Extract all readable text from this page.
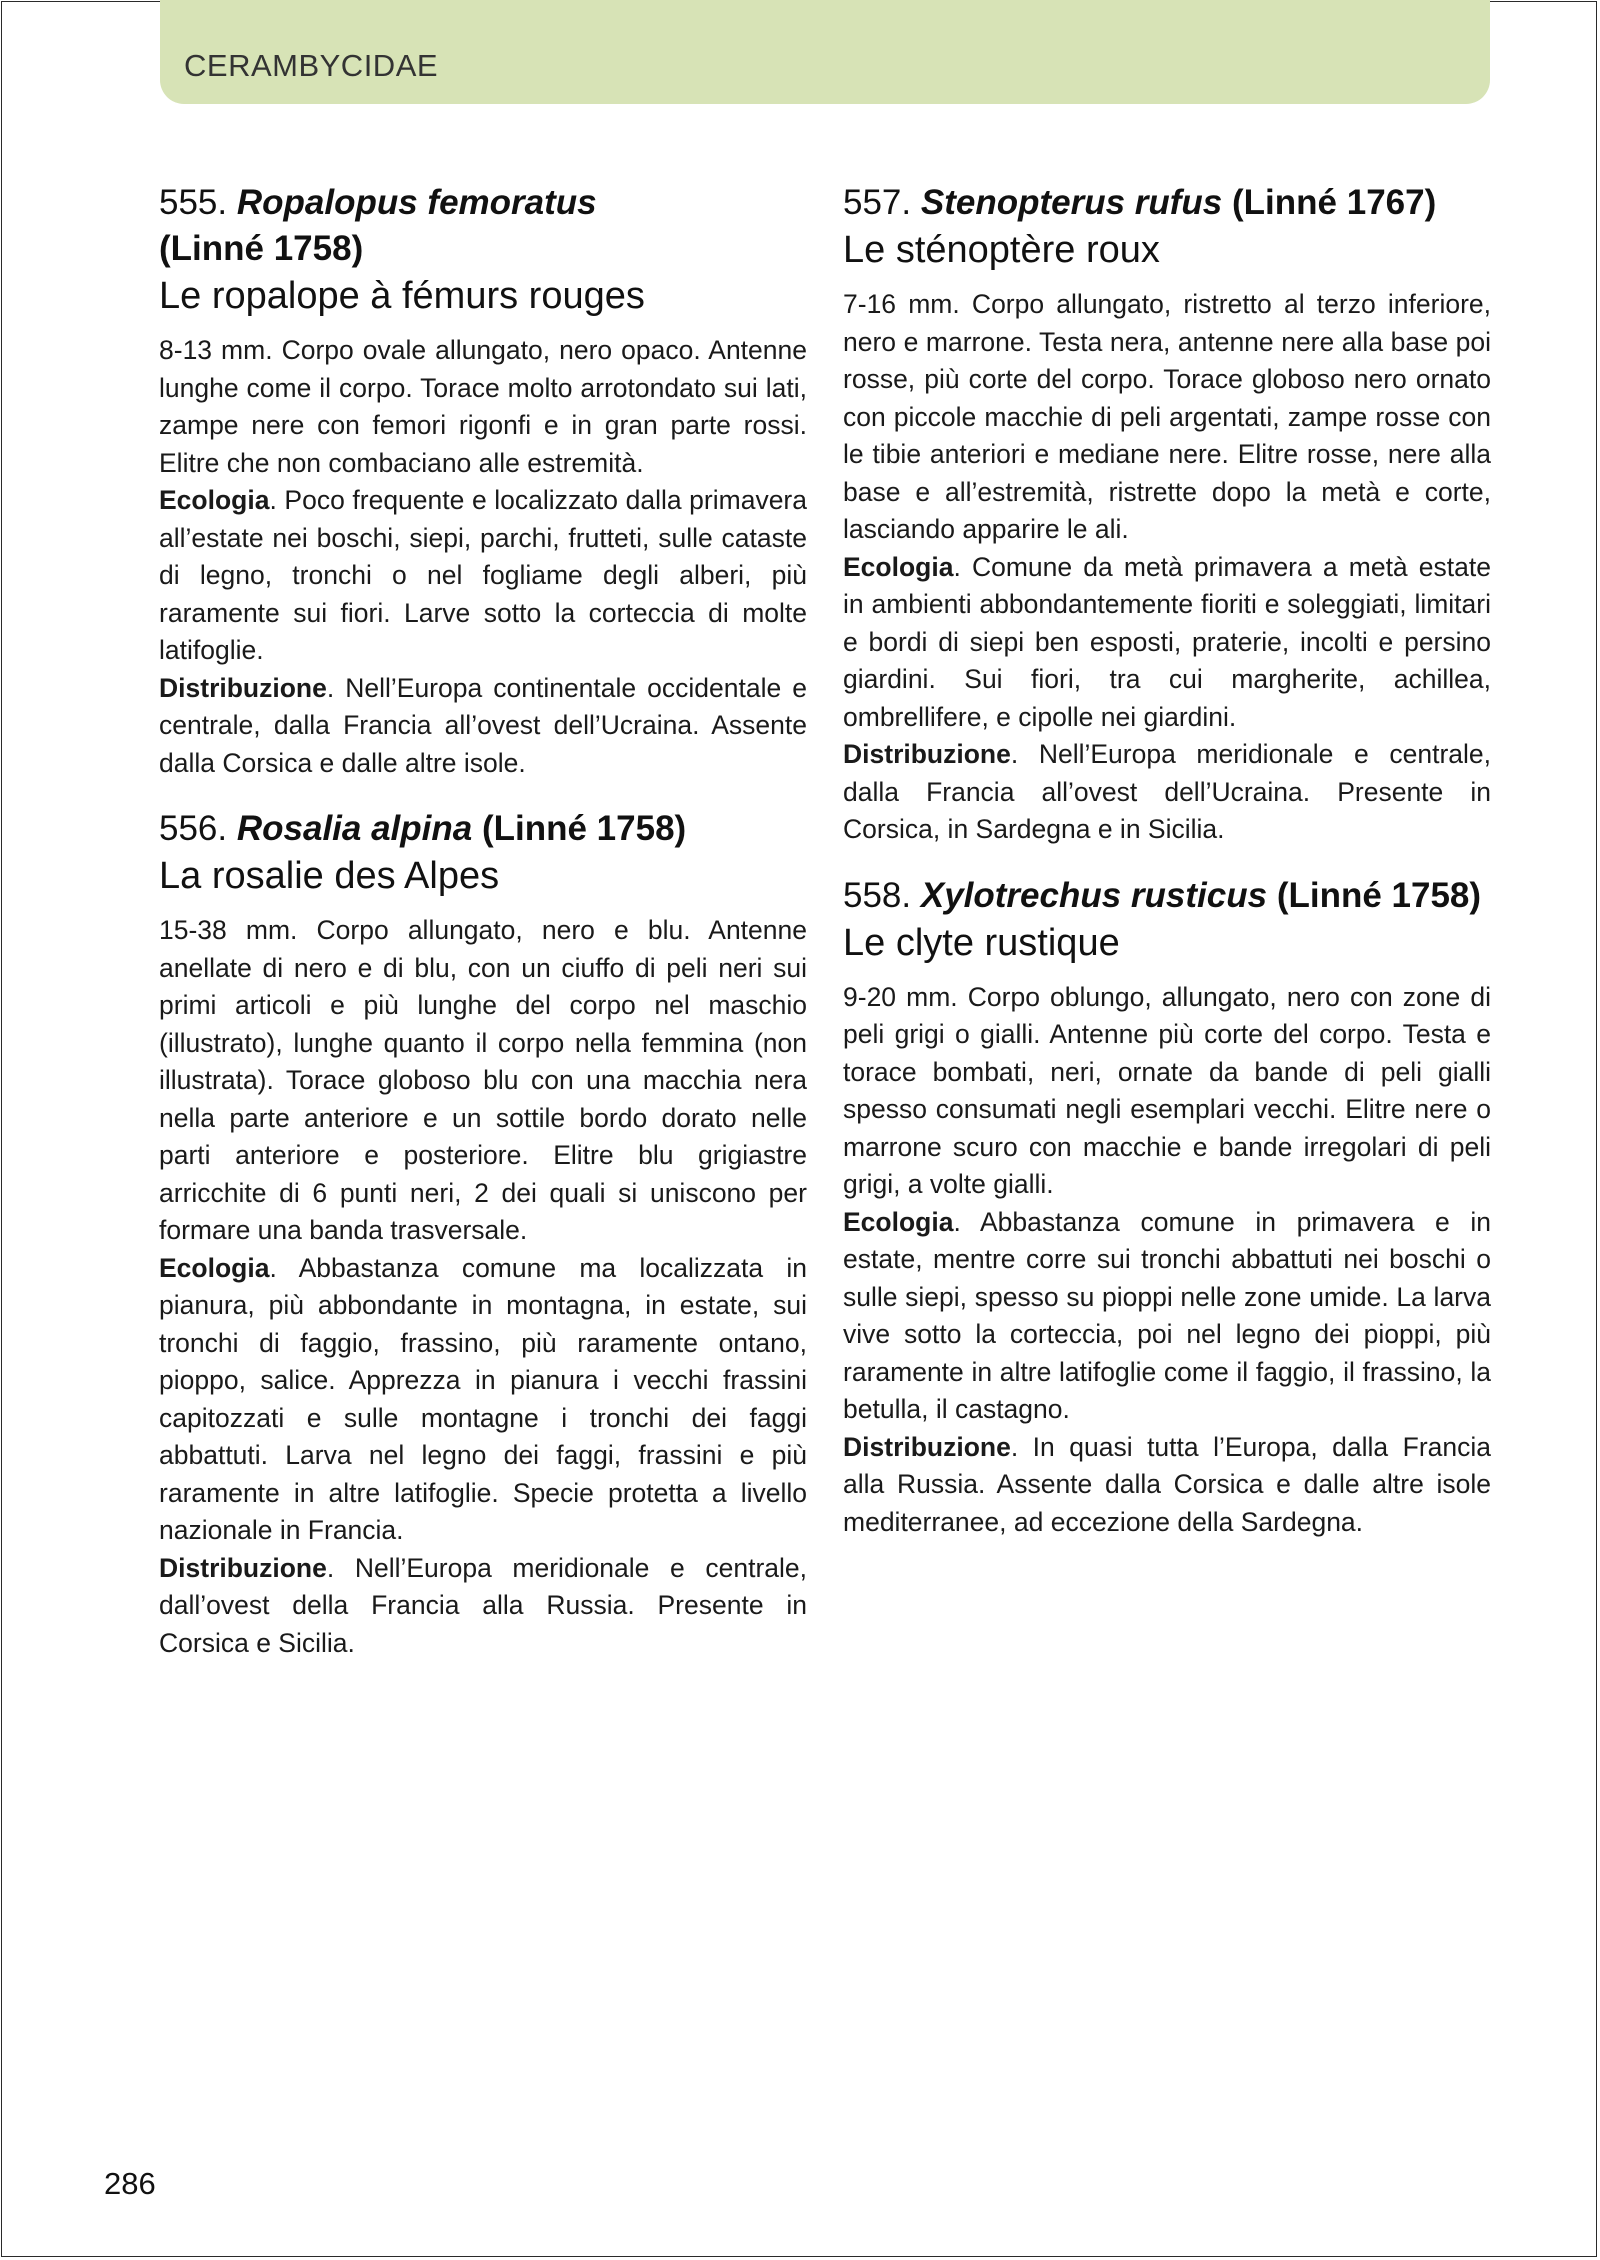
CERAMBYCIDAE
555. Ropalopus femoratus
(Linné 1758)
Le ropalope à fémurs rouges

8-13 mm. Corpo ovale allungato, nero opaco. Antenne lunghe come il corpo. Torace molto arrotondato sui lati, zampe nere con femori rigonfi e in gran parte rossi. Elitre che non combaciano alle estremità.

Ecologia. Poco frequente e localizzato dalla primavera all’estate nei boschi, siepi, parchi, frutteti, sulle cataste di legno, tronchi o nel fogliame degli alberi, più raramente sui fiori. Larve sotto la corteccia di molte latifoglie.

Distribuzione. Nell’Europa continentale occidentale e centrale, dalla Francia all’ovest dell’Ucraina. Assente dalla Corsica e dalle altre isole.

556. Rosalia alpina (Linné 1758)
La rosalie des Alpes

15-38 mm. Corpo allungato, nero e blu. Antenne anellate di nero e di blu, con un ciuffo di peli neri sui primi articoli e più lunghe del corpo nel maschio (illustrato), lunghe quanto il corpo nella femmina (non illustrata). Torace globoso blu con una macchia nera nella parte anteriore e un sottile bordo dorato nelle parti anteriore e posteriore. Elitre blu grigiastre arricchite di 6 punti neri, 2 dei quali si uniscono per formare una banda trasversale.

Ecologia. Abbastanza comune ma localizzata in pianura, più abbondante in montagna, in estate, sui tronchi di faggio, frassino, più raramente ontano, pioppo, salice. Apprezza in pianura i vecchi frassini capitozzati e sulle montagne i tronchi dei faggi abbattuti. Larva nel legno dei faggi, frassini e più raramente in altre latifoglie. Specie protetta a livello nazionale in Francia.

Distribuzione. Nell’Europa meridionale e centrale, dall’ovest della Francia alla Russia. Presente in Corsica e Sicilia.

557. Stenopterus rufus (Linné 1767)
Le sténoptère roux

7-16 mm. Corpo allungato, ristretto al terzo inferiore, nero e marrone. Testa nera, antenne nere alla base poi rosse, più corte del corpo. Torace globoso nero ornato con piccole macchie di peli argentati, zampe rosse con le tibie anteriori e mediane nere. Elitre rosse, nere alla base e all’estremità, ristrette dopo la metà e corte, lasciando apparire le ali.

Ecologia. Comune da metà primavera a metà estate in ambienti abbondantemente fioriti e soleggiati, limitari e bordi di siepi ben esposti, praterie, incolti e persino giardini. Sui fiori, tra cui margherite, achillea, ombrellifere, e cipolle nei giardini.

Distribuzione. Nell’Europa meridionale e centrale, dalla Francia all’ovest dell’Ucraina. Presente in Corsica, in Sardegna e in Sicilia.

558. Xylotrechus rusticus (Linné 1758)
Le clyte rustique

9-20 mm. Corpo oblungo, allungato, nero con zone di peli grigi o gialli. Antenne più corte del corpo. Testa e torace bombati, neri, ornate da bande di peli gialli spesso consumati negli esemplari vecchi. Elitre nere o marrone scuro con macchie e bande irregolari di peli grigi, a volte gialli.

Ecologia. Abbastanza comune in primavera e in estate, mentre corre sui tronchi abbattuti nei boschi o sulle siepi, spesso su pioppi nelle zone umide. La larva vive sotto la corteccia, poi nel legno dei pioppi, più raramente in altre latifoglie come il faggio, il frassino, la betulla, il castagno.

Distribuzione. In quasi tutta l’Europa, dalla Francia alla Russia. Assente dalla Corsica e dalle altre isole mediterranee, ad eccezione della Sardegna.

286
